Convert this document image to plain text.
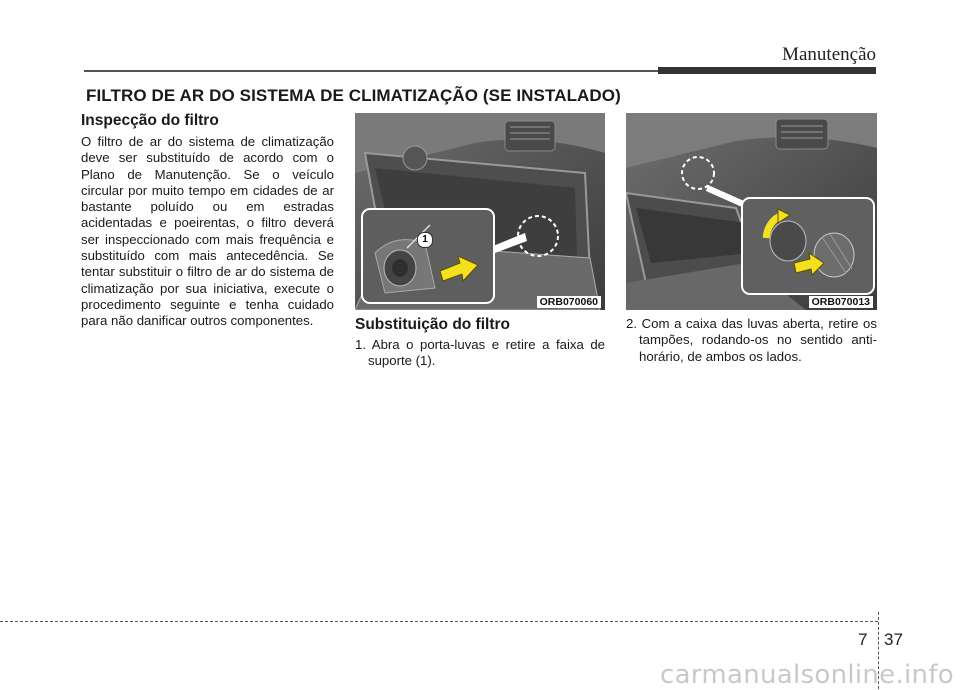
Manutenção
FILTRO DE AR DO SISTEMA DE CLIMATIZAÇÃO (SE INSTALADO)
Inspecção do filtro
O filtro de ar do sistema de climatização deve ser substituído de acordo com o Plano de Manutenção. Se o veículo circular por muito tempo em cidades de ar bastante poluído ou em estradas acidentadas e poeirentas, o filtro deverá ser inspeccionado com mais frequência e substituído com mais antecedência. Se tentar substituir o filtro de ar do sistema de climatização por sua iniciativa, execute o procedimento seguinte e tenha cuidado para não danificar outros componentes.
1
ORB070060	ORB070013
Substituição do filtro
1. Abra o porta-luvas e retire a faixa de suporte (1).
2. Com a caixa das luvas aberta, retire os tampões, rodando-os no sentido anti-horário, de ambos os lados.
7 37
carmanualsonline.info
